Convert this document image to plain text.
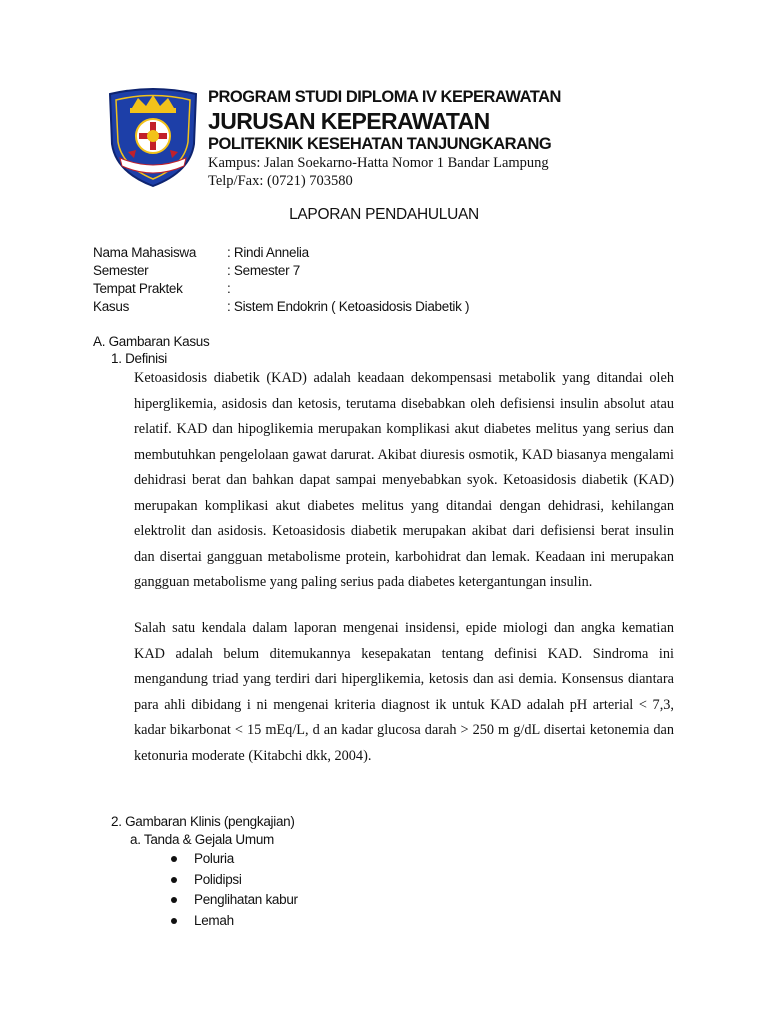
PROGRAM STUDI DIPLOMA IV KEPERAWATAN
JURUSAN KEPERAWATAN
POLITEKNIK KESEHATAN TANJUNGKARANG
Kampus: Jalan Soekarno-Hatta Nomor 1 Bandar Lampung
Telp/Fax: (0721) 703580
LAPORAN PENDAHULUAN
Nama Mahasiswa : Rindi Annelia
Semester	: Semester 7
Tempat Praktek	:
Kasus	: Sistem Endokrin ( Ketoasidosis Diabetik )
A. Gambaran Kasus
1. Definisi

Ketoasidosis diabetik (KAD) adalah keadaan dekompensasi metabolik yang ditandai oleh hiperglikemia, asidosis dan ketosis, terutama disebabkan oleh defisiensi insulin absolut atau relatif. KAD dan hipoglikemia merupakan komplikasi akut diabetes melitus yang serius dan membutuhkan pengelolaan gawat darurat. Akibat diuresis osmotik, KAD biasanya mengalami dehidrasi berat dan bahkan dapat sampai menyebabkan syok. Ketoasidosis diabetik (KAD) merupakan komplikasi akut diabetes melitus yang ditandai dengan dehidrasi, kehilangan elektrolit dan asidosis. Ketoasidosis diabetik merupakan akibat dari defisiensi berat insulin dan disertai gangguan metabolisme protein, karbohidrat dan lemak. Keadaan ini merupakan gangguan metabolisme yang paling serius pada diabetes ketergantungan insulin.

Salah satu kendala dalam laporan mengenai insidensi, epide miologi dan angka kematian KAD adalah belum ditemukannya kesepakatan tentang definisi KAD. Sindroma ini mengandung triad yang terdiri dari hiperglikemia, ketosis dan asi demia. Konsensus diantara para ahli dibidang i ni mengenai kriteria diagnost ik untuk KAD adalah pH arterial < 7,3, kadar bikarbonat < 15 mEq/L, d an kadar glucosa darah > 250 m g/dL disertai ketonemia dan ketonuria moderate (Kitabchi dkk, 2004).

2. Gambaran Klinis (pengkajian)
a. Tanda & Gejala Umum
Poluria
Polidipsi
Penglihatan kabur
Lemah
